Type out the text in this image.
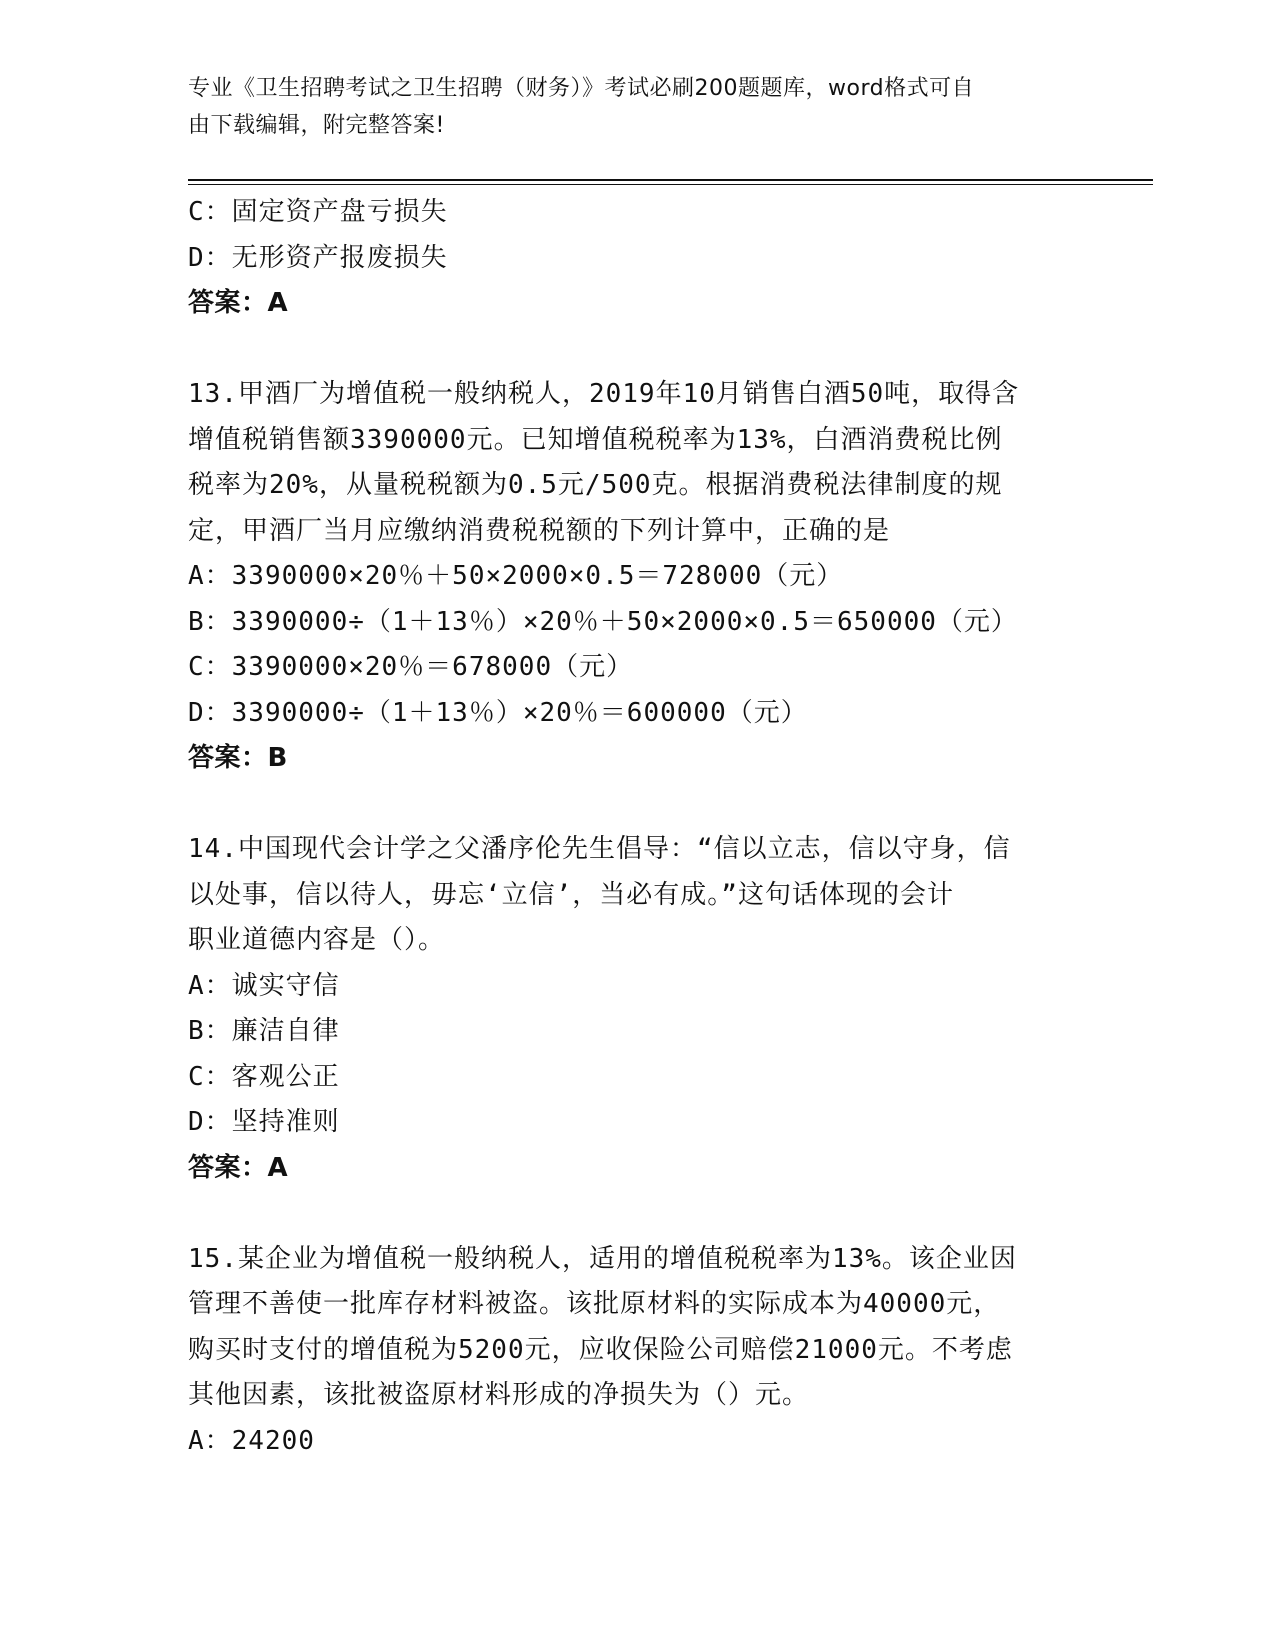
专业《卫生招聘考试之卫生招聘（财务）》考试必刷200题题库，word格式可自
由下载编辑，附完整答案!
C：固定资产盘亏损失
D：无形资产报废损失
答案：A
13.甲酒厂为增值税一般纳税人，2019年10月销售白酒50吨，取得含
增值税销售额3390000元。已知增值税税率为13%，白酒消费税比例
税率为20%，从量税税额为0.5元/500克。根据消费税法律制度的规
定，甲酒厂当月应缴纳消费税税额的下列计算中，正确的是
A：3390000×20％＋50×2000×0.5＝728000（元）
B：3390000÷（1＋13％）×20％＋50×2000×0.5＝650000（元）
C：3390000×20％＝678000（元）
D：3390000÷（1＋13％）×20％＝600000（元）
答案：B
14.中国现代会计学之父潘序伦先生倡导：“信以立志，信以守身，信
以处事，信以待人，毋忘‘立信’，当必有成。”这句话体现的会计
职业道德内容是（）。
A：诚实守信
B：廉洁自律
C：客观公正
D：坚持准则
答案：A
15.某企业为增值税一般纳税人，适用的增值税税率为13%。该企业因
管理不善使一批库存材料被盗。该批原材料的实际成本为40000元，
购买时支付的增值税为5200元，应收保险公司赔偿21000元。不考虑
其他因素，该批被盗原材料形成的净损失为（）元。
A：24200
